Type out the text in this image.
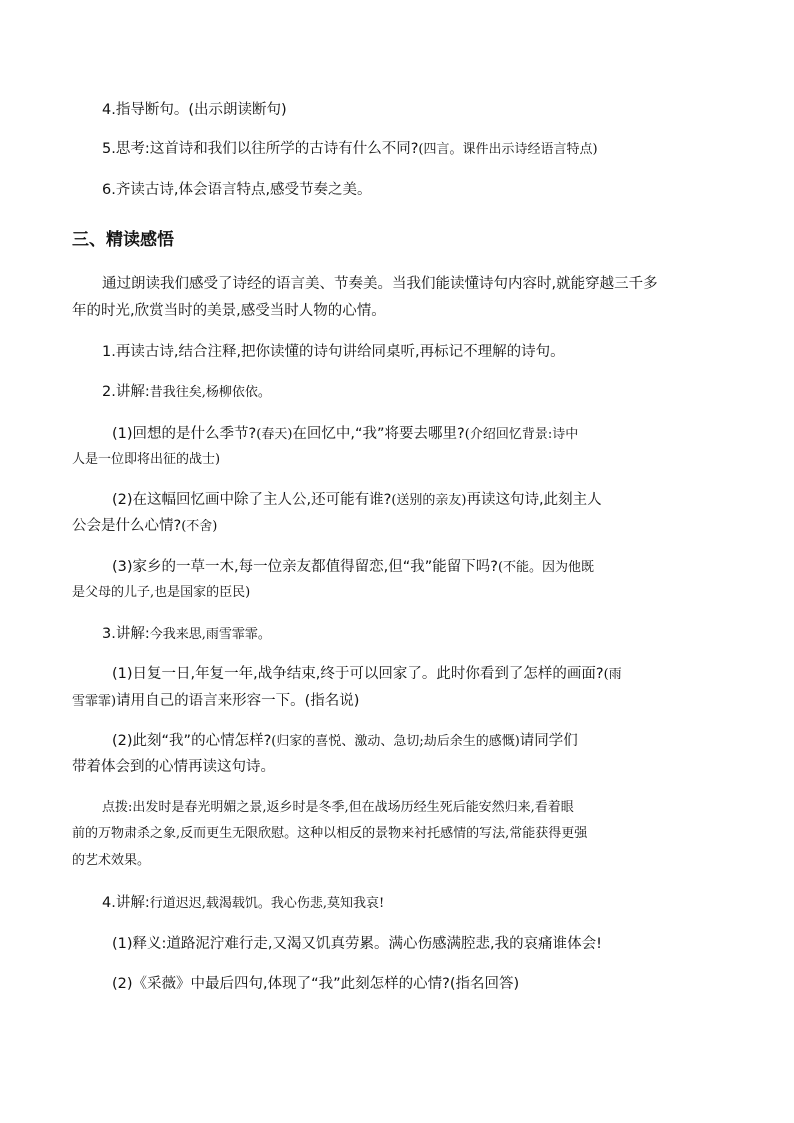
4.指导断句。(出示朗读断句)
5.思考:这首诗和我们以往所学的古诗有什么不同?(四言。课件出示诗经语言特点)
6.齐读古诗,体会语言特点,感受节奏之美。
三、精读感悟
通过朗读我们感受了诗经的语言美、节奏美。当我们能读懂诗句内容时,就能穿越三千多
年的时光,欣赏当时的美景,感受当时人物的心情。
1.再读古诗,结合注释,把你读懂的诗句讲给同桌听,再标记不理解的诗句。
2.讲解:昔我往矣,杨柳依依。
(1)回想的是什么季节?(春天)在回忆中,“我”将要去哪里?(介绍回忆背景:诗中
人是一位即将出征的战士)
(2)在这幅回忆画中除了主人公,还可能有谁?(送别的亲友)再读这句诗,此刻主人
公会是什么心情?(不舍)
(3)家乡的一草一木,每一位亲友都值得留恋,但“我”能留下吗?(不能。因为他既
是父母的儿子,也是国家的臣民)
3.讲解:今我来思,雨雪霏霏。
(1)日复一日,年复一年,战争结束,终于可以回家了。此时你看到了怎样的画面?(雨
雪霏霏)请用自己的语言来形容一下。(指名说)
(2)此刻“我”的心情怎样?(归家的喜悦、激动、急切;劫后余生的感慨)请同学们
带着体会到的心情再读这句诗。
点拨:出发时是春光明媚之景,返乡时是冬季,但在战场历经生死后能安然归来,看着眼
前的万物肃杀之象,反而更生无限欣慰。这种以相反的景物来衬托感情的写法,常能获得更强
的艺术效果。
4.讲解:行道迟迟,载渴载饥。我心伤悲,莫知我哀!
(1)释义:道路泥泞难行走,又渴又饥真劳累。满心伤感满腔悲,我的哀痛谁体会!
(2)《采薇》中最后四句,体现了“我”此刻怎样的心情?(指名回答)
